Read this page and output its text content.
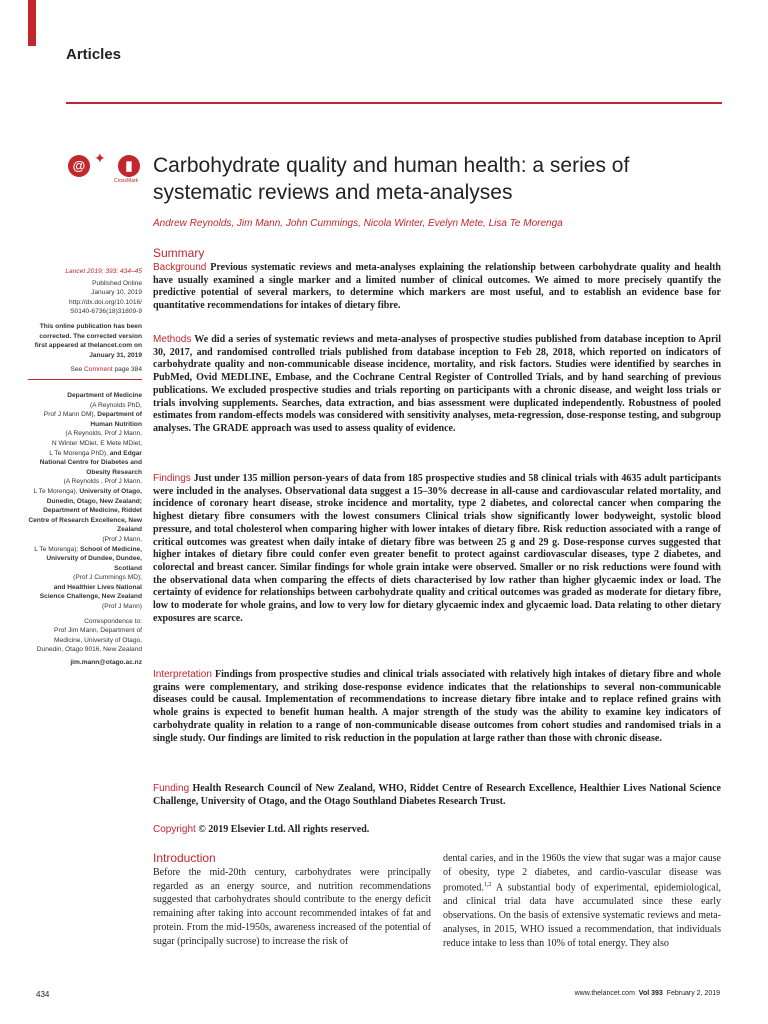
Articles
@ ✦	▮
CrossMark
Carbohydrate quality and human health: a series of systematic reviews and meta-analyses
Andrew Reynolds, Jim Mann, John Cummings, Nicola Winter, Evelyn Mete, Lisa Te Morenga
Summary

Lancet 2019; 393: 434–45

Published Online

January 10, 2019

http://dx.doi.org/10.1016/

S0140-6736(18)31809-9

This online publication has been corrected. The corrected version first appeared at thelancet.com on January 31, 2019

See Comment page 384

Department of Medicine
(A Reynolds PhD,
Prof J Mann DM), Department of Human Nutrition
(A Reynolds, Prof J Mann,
N Winter MDiet, E Mete MDiet,
L Te Morenga PhD), and Edgar National Centre for Diabetes and Obesity Research
(A Reynolds , Prof J Mann,
L Te Morenga), University of Otago, Dunedin, Otago, New Zealand; Department of Medicine, Riddet Centre of Research Excellence, New Zealand
(Prof J Mann,
L Te Morenga); School of Medicine, University of Dundee, Dundee, Scotland
(Prof J Cummings MD);
and Healthier Lives National Science Challenge, New Zealand (Prof J Mann)
Correspondence to:
Prof Jim Mann, Department of Medicine, University of Otago, Dunedin, Otago 9016, New Zealand
jim.mann@otago.ac.nz

Background Previous systematic reviews and meta-analyses explaining the relationship between carbohydrate quality and health have usually examined a single marker and a limited number of clinical outcomes. We aimed to more precisely quantify the predictive potential of several markers, to determine which markers are most useful, and to establish an evidence base for quantitative recommendations for intakes of dietary fibre.

Methods We did a series of systematic reviews and meta-analyses of prospective studies published from database inception to April 30, 2017, and randomised controlled trials published from database inception to Feb 28, 2018, which reported on indicators of carbohydrate quality and non-communicable disease incidence, mortality, and risk factors. Studies were identified by searches in PubMed, Ovid MEDLINE, Embase, and the Cochrane Central Register of Controlled Trials, and by hand searching of previous publications. We excluded prospective studies and trials reporting on participants with a chronic disease, and weight loss trials or trials involving supplements. Searches, data extraction, and bias assessment were duplicated independently. Robustness of pooled estimates from random-effects models was considered with sensitivity analyses, meta-regression, dose-response testing, and subgroup analyses. The GRADE approach was used to assess quality of evidence.

Findings Just under 135 million person-years of data from 185 prospective studies and 58 clinical trials with 4635 adult participants were included in the analyses. Observational data suggest a 15–30% decrease in all-cause and cardiovascular related mortality, and incidence of coronary heart disease, stroke incidence and mortality, type 2 diabetes, and colorectal cancer when comparing the highest dietary fibre consumers with the lowest consumers Clinical trials show significantly lower bodyweight, systolic blood pressure, and total cholesterol when comparing higher with lower intakes of dietary fibre. Risk reduction associated with a range of critical outcomes was greatest when daily intake of dietary fibre was between 25 g and 29 g. Dose-response curves suggested that higher intakes of dietary fibre could confer even greater benefit to protect against cardiovascular diseases, type 2 diabetes, and colorectal and breast cancer. Similar findings for whole grain intake were observed. Smaller or no risk reductions were found with the observational data when comparing the effects of diets characterised by low rather than higher glycaemic index or load. The certainty of evidence for relationships between carbohydrate quality and critical outcomes was graded as moderate for dietary fibre, low to moderate for whole grains, and low to very low for dietary glycaemic index and glycaemic load. Data relating to other dietary exposures are scarce.

Interpretation Findings from prospective studies and clinical trials associated with relatively high intakes of dietary fibre and whole grains were complementary, and striking dose-response evidence indicates that the relationships to several non-communicable diseases could be causal. Implementation of recommendations to increase dietary fibre intake and to replace refined grains with whole grains is expected to benefit human health. A major strength of the study was the ability to examine key indicators of carbohydrate quality in relation to a range of non-communicable disease outcomes from cohort studies and randomised trials in a single study. Our findings are limited to risk reduction in the population at large rather than those with chronic disease.

Funding Health Research Council of New Zealand, WHO, Riddet Centre of Research Excellence, Healthier Lives National Science Challenge, University of Otago, and the Otago Southland Diabetes Research Trust.

Copyright © 2019 Elsevier Ltd. All rights reserved.

Introduction

Before the mid-20th century, carbohydrates were principally regarded as an energy source, and nutrition recommendations suggested that carbohydrates should contribute to the energy deficit remaining after taking into account recommended intakes of fat and protein. From the mid-1950s, awareness increased of the potential of sugar (principally sucrose) to increase the risk of

dental caries, and in the 1960s the view that sugar was a major cause of obesity, type 2 diabetes, and cardio-vascular disease was promoted.$^{1,2}$ A substantial body of experimental, epidemiological, and clinical trial data have accumulated since these early observations. On the basis of extensive systematic reviews and meta-analyses, in 2015, WHO issued a recommendation, that individuals reduce intake to less than 10% of total energy. They also

434	www.thelancet.com Vol 393 February 2, 2019
